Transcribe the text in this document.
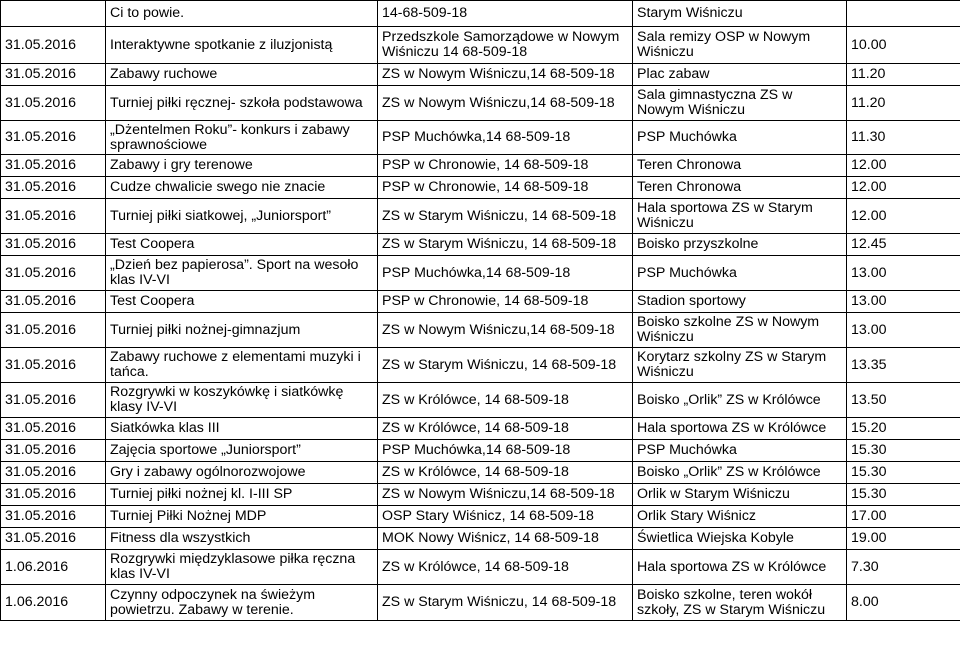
	Ci to powie.	14-68-509-18	Starym Wiśniczu	
31.05.2016	Interaktywne spotkanie z iluzjonistą	Przedszkole Samorządowe w Nowym Wiśniczu 14 68-509-18	Sala remizy OSP w Nowym Wiśniczu	10.00
31.05.2016	Zabawy ruchowe	ZS w Nowym Wiśniczu,14 68-509-18	Plac zabaw	11.20
31.05.2016	Turniej piłki ręcznej- szkoła podstawowa	ZS w Nowym Wiśniczu,14 68-509-18	Sala gimnastyczna ZS w Nowym Wiśniczu	11.20
31.05.2016	„Dżentelmen Roku”- konkurs i zabawy sprawnościowe	PSP Muchówka,14 68-509-18	PSP Muchówka	11.30
31.05.2016	Zabawy i gry terenowe	PSP w Chronowie, 14 68-509-18	Teren Chronowa	12.00
31.05.2016	Cudze chwalicie swego nie znacie	PSP w Chronowie, 14 68-509-18	Teren Chronowa	12.00
31.05.2016	Turniej piłki siatkowej, „Juniorsport”	ZS w Starym Wiśniczu, 14 68-509-18	Hala sportowa ZS w Starym Wiśniczu	12.00
31.05.2016	Test Coopera	ZS w Starym Wiśniczu, 14 68-509-18	Boisko przyszkolne	12.45
31.05.2016	„Dzień bez papierosa”. Sport na wesoło klas IV-VI	PSP Muchówka,14 68-509-18	PSP Muchówka	13.00
31.05.2016	Test Coopera	PSP w Chronowie, 14 68-509-18	Stadion sportowy	13.00
31.05.2016	Turniej piłki nożnej-gimnazjum	ZS w Nowym Wiśniczu,14 68-509-18	Boisko szkolne ZS w Nowym Wiśniczu	13.00
31.05.2016	Zabawy ruchowe z elementami muzyki i tańca.	ZS w Starym Wiśniczu, 14 68-509-18	Korytarz szkolny ZS w Starym Wiśniczu	13.35
31.05.2016	Rozgrywki w koszykówkę i siatkówkę klasy IV-VI	ZS w Królówce, 14 68-509-18	Boisko „Orlik” ZS w Królówce	13.50
31.05.2016	Siatkówka klas III	ZS w Królówce, 14 68-509-18	Hala sportowa ZS w Królówce	15.20
31.05.2016	Zajęcia sportowe „Juniorsport”	PSP Muchówka,14 68-509-18	PSP Muchówka	15.30
31.05.2016	Gry i zabawy ogólnorozwojowe	ZS w Królówce, 14 68-509-18	Boisko „Orlik” ZS w Królówce	15.30
31.05.2016	Turniej piłki nożnej kl. I-III SP	ZS w Nowym Wiśniczu,14 68-509-18	Orlik w Starym Wiśniczu	15.30
31.05.2016	Turniej Piłki Nożnej MDP	OSP Stary Wiśnicz, 14 68-509-18	Orlik Stary Wiśnicz	17.00
31.05.2016	Fitness dla wszystkich	MOK Nowy Wiśnicz, 14 68-509-18	Świetlica Wiejska Kobyle	19.00
1.06.2016	Rozgrywki międzyklasowe piłka ręczna klas IV-VI	ZS w Królówce, 14 68-509-18	Hala sportowa ZS w Królówce	7.30
1.06.2016	Czynny odpoczynek na świeżym powietrzu. Zabawy w terenie.	ZS w Starym Wiśniczu, 14 68-509-18	Boisko szkolne, teren wokół szkoły, ZS w Starym Wiśniczu	8.00
